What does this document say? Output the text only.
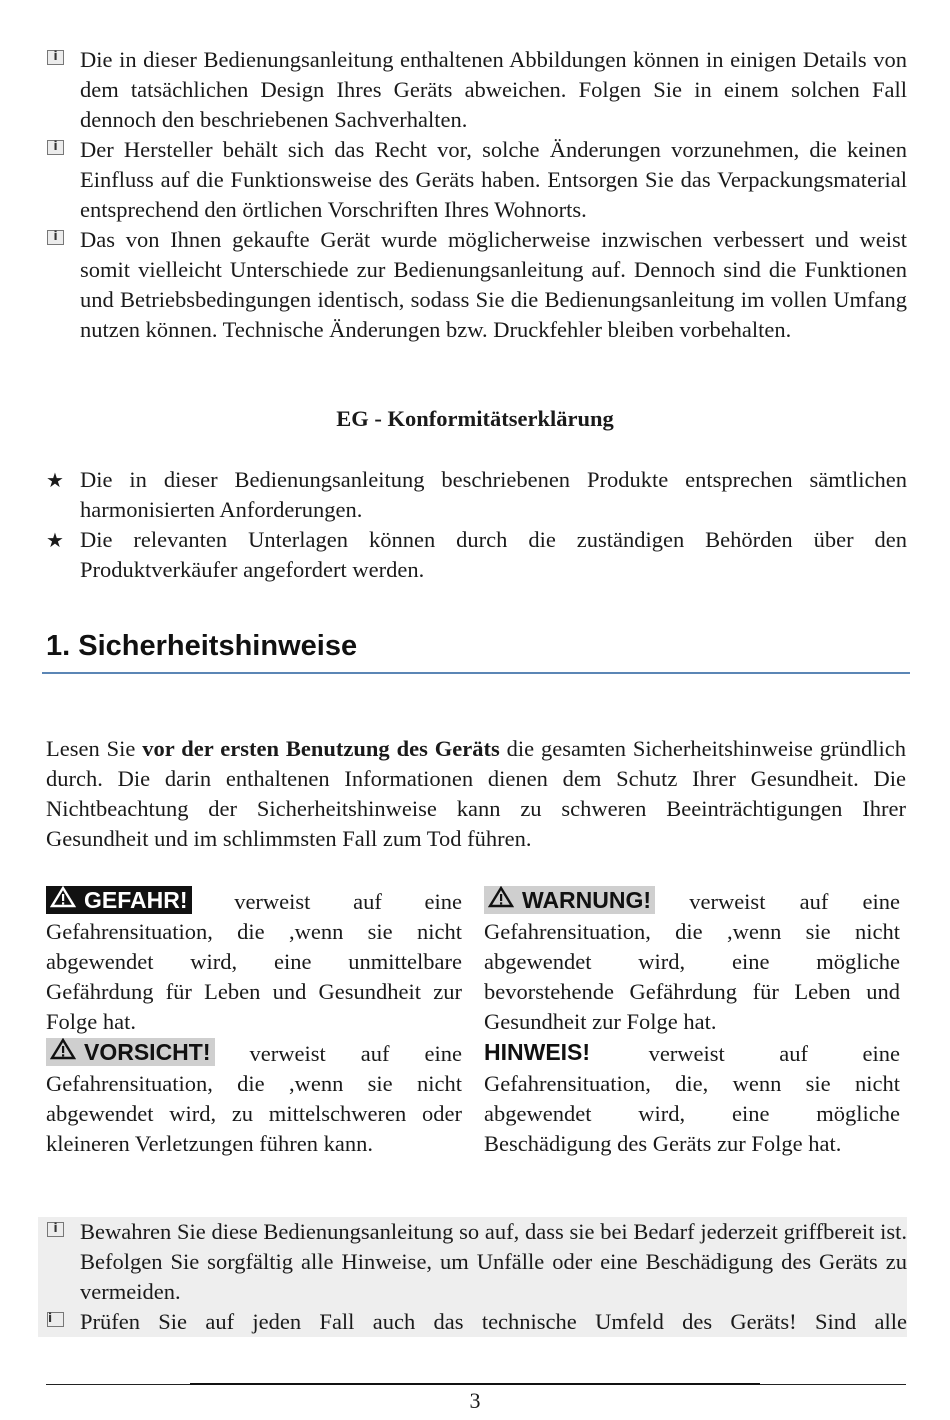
i
Die in dieser Bedienungsanleitung enthaltenen Abbildungen können in einigen Details von dem tatsächlichen Design Ihres Geräts abweichen. Folgen Sie in einem solchen Fall dennoch den beschriebenen Sachverhalten.
i
Der Hersteller behält sich das Recht vor, solche Änderungen vorzunehmen, die keinen Einfluss auf die Funktionsweise des Geräts haben. Entsorgen Sie das Verpackungsmaterial entsprechend den örtlichen Vorschriften Ihres Wohnorts.
i
Das von Ihnen gekaufte Gerät wurde möglicherweise inzwischen verbessert und weist somit vielleicht Unterschiede zur Bedienungsanleitung auf. Dennoch sind die Funktionen und Betriebsbedingungen identisch, sodass Sie die Bedienungsanleitung im vollen Umfang nutzen können. Technische Änderungen bzw. Druckfehler bleiben vorbehalten.
EG - Konformitätserklärung
★ Die in dieser Bedienungsanleitung beschriebenen Produkte entsprechen sämtlichen harmonisierten Anforderungen.
★ Die relevanten Unterlagen können durch die zuständigen Behörden über den Produktverkäufer angefordert werden.
1. Sicherheitshinweise
Lesen Sie vor der ersten Benutzung des Geräts die gesamten Sicherheitshinweise gründlich durch. Die darin enthaltenen Informationen dienen dem Schutz Ihrer Gesundheit. Die Nichtbeachtung der Sicherheitshinweise kann zu schweren Beeinträchtigungen Ihrer Gesundheit und im schlimmsten Fall zum Tod führen.
GEFAHR! verweist auf eine Gefahrensituation, die ,wenn sie nicht abgewendet wird, eine unmittelbare Gefährdung für Leben und Gesundheit zur Folge hat.
WARNUNG! verweist auf eine Gefahrensituation, die ,wenn sie nicht abgewendet wird, eine mögliche bevorstehende Gefährdung für Leben und Gesundheit zur Folge hat.
VORSICHT! verweist auf eine Gefahrensituation, die ,wenn sie nicht abgewendet wird, zu mittelschweren oder kleineren Verletzungen führen kann.
HINWEIS! verweist auf eine Gefahrensituation, die, wenn sie nicht abgewendet wird, eine mögliche Beschädigung des Geräts zur Folge hat.
i
Bewahren Sie diese Bedienungsanleitung so auf, dass sie bei Bedarf jederzeit griffbereit ist. Befolgen Sie sorgfältig alle Hinweise, um Unfälle oder eine Beschädigung des Geräts zu vermeiden.
i
Prüfen Sie auf jeden Fall auch das technische Umfeld des Geräts! Sind alle
3
